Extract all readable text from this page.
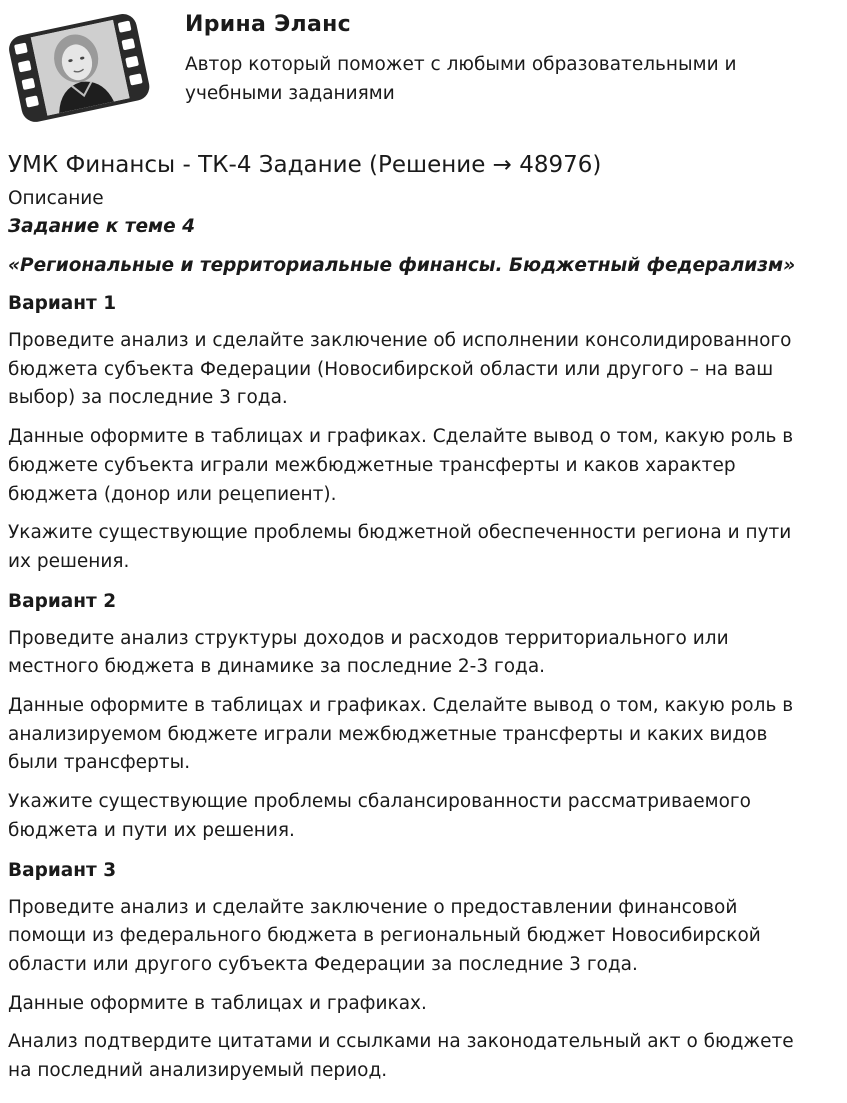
Ирина Эланс
Автор который поможет с любыми образовательными и
учебными заданиями
УМК Финансы - ТК-4 Задание (Решение → 48976)
Описание
Задание к теме 4
«Региональные и территориальные финансы. Бюджетный федерализм»
Вариант 1

Проведите анализ и сделайте заключение об исполнении консолидированного
бюджета субъекта Федерации (Новосибирской области или другого – на ваш
выбор) за последние 3 года.

Данные оформите в таблицах и графиках. Сделайте вывод о том, какую роль в
бюджете субъекта играли межбюджетные трансферты и каков характер
бюджета (донор или рецепиент).

Укажите существующие проблемы бюджетной обеспеченности региона и пути
их решения.

Вариант 2

Проведите анализ структуры доходов и расходов территориального или
местного бюджета в динамике за последние 2-3 года.

Данные оформите в таблицах и графиках. Сделайте вывод о том, какую роль в
анализируемом бюджете играли межбюджетные трансферты и каких видов
были трансферты.

Укажите существующие проблемы сбалансированности рассматриваемого
бюджета и пути их решения.

Вариант 3

Проведите анализ и сделайте заключение о предоставлении финансовой
помощи из федерального бюджета в региональный бюджет Новосибирской
области или другого субъекта Федерации за последние 3 года.

Данные оформите в таблицах и графиках.

Анализ подтвердите цитатами и ссылками на законодательный акт о бюджете
на последний анализируемый период.
